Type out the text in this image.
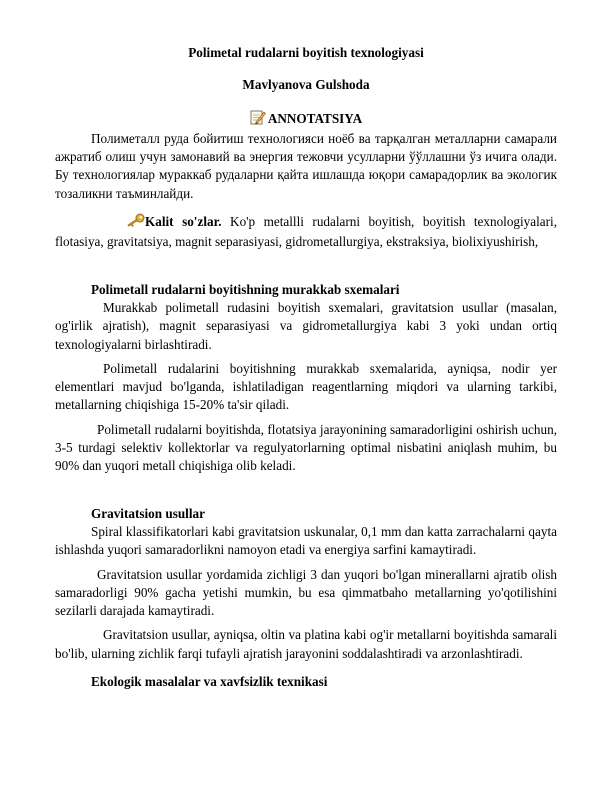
Polimetal rudalarni boyitish texnologiyasi

Mavlyanova Gulshoda

ANNOTATSIYA

Полиметалл руда бойитиш технологияси ноёб ва тарқалган металларни самарали ажратиб олиш учун замонавий ва энергия тежовчи усулларни ўўллашни ўз ичига олади. Бу технологиялар мураккаб рудаларни қайта ишлашда юқори самарадорлик ва экологик тозаликни таъминлайди.

Kalit so'zlar. Ko'p metallli rudalarni boyitish, boyitish texnologiyalari, flotasiya, gravitatsiya, magnit separasiyasi, gidrometallurgiya, ekstraksiya, biolixiyushirish,

Polimetall rudalarni boyitishning murakkab sxemalari

Murakkab polimetall rudasini boyitish sxemalari, gravitatsion usullar (masalan, og'irlik ajratish), magnit separasiyasi va gidrometallurgiya kabi 3 yoki undan ortiq texnologiyalarni birlashtiradi.

Polimetall rudalarini boyitishning murakkab sxemalarida, ayniqsa, nodir yer elementlari mavjud bo'lganda, ishlatiladigan reagentlarning miqdori va ularning tarkibi, metallarning chiqishiga 15-20% ta'sir qiladi.

Polimetall rudalarni boyitishda, flotatsiya jarayonining samaradorligini oshirish uchun, 3-5 turdagi selektiv kollektorlar va regulyatorlarning optimal nisbatini aniqlash muhim, bu 90% dan yuqori metall chiqishiga olib keladi.

Gravitatsion usullar

Spiral klassifikatorlari kabi gravitatsion uskunalar, 0,1 mm dan katta zarrachalarni qayta ishlashda yuqori samaradorlikni namoyon etadi va energiya sarfini kamaytiradi.

Gravitatsion usullar yordamida zichligi 3 dan yuqori bo'lgan minerallarni ajratib olish samaradorligi 90% gacha yetishi mumkin, bu esa qimmatbaho metallarning yo'qotilishini sezilarli darajada kamaytiradi.

Gravitatsion usullar, ayniqsa, oltin va platina kabi og'ir metallarni boyitishda samarali bo'lib, ularning zichlik farqi tufayli ajratish jarayonini soddalashtiradi va arzonlashtiradi.

Ekologik masalalar va xavfsizlik texnikasi
